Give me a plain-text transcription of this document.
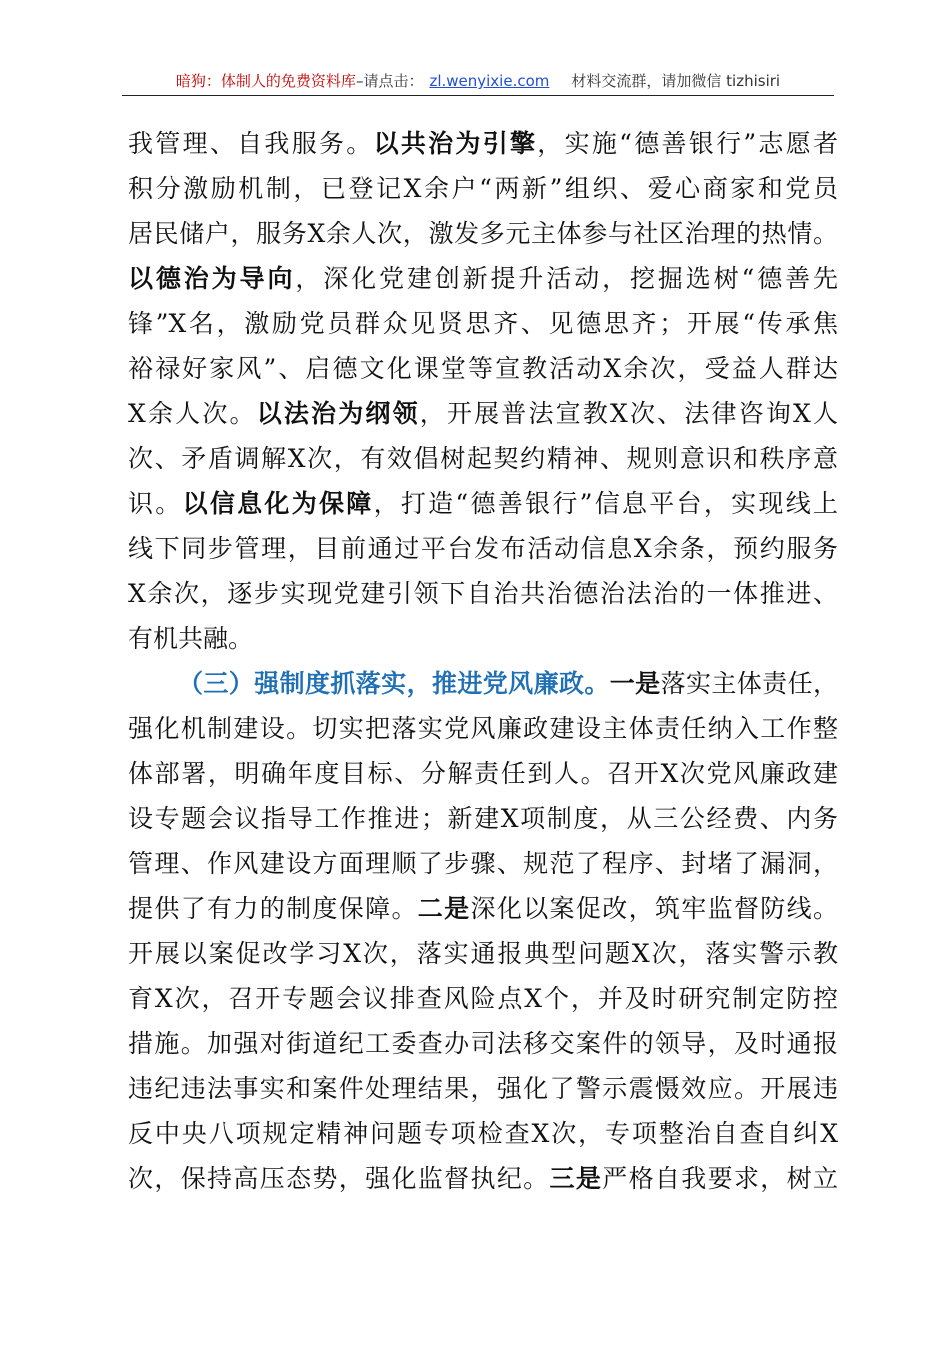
暗狗：体制人的免费资料库–请点击： zl.wenyixie.com 材料交流群，请加微信 tizhisiri
我管理、自我服务。以共治为引擎，实施“德善银行”志愿者
积分激励机制，已登记X余户“两新”组织、爱心商家和党员
居民储户，服务X余人次，激发多元主体参与社区治理的热情。
以德治为导向，深化党建创新提升活动，挖掘选树“德善先
锋”X名，激励党员群众见贤思齐、见德思齐；开展“传承焦
裕禄好家风”、启德文化课堂等宣教活动X余次，受益人群达
X余人次。以法治为纲领，开展普法宣教X次、法律咨询X人
次、矛盾调解X次，有效倡树起契约精神、规则意识和秩序意
识。以信息化为保障，打造“德善银行”信息平台，实现线上
线下同步管理，目前通过平台发布活动信息X余条，预约服务
X余次，逐步实现党建引领下自治共治德治法治的一体推进、
有机共融。
（三）强制度抓落实，推进党风廉政。一是落实主体责任，
强化机制建设。切实把落实党风廉政建设主体责任纳入工作整
体部署，明确年度目标、分解责任到人。召开X次党风廉政建
设专题会议指导工作推进；新建X项制度，从三公经费、内务
管理、作风建设方面理顺了步骤、规范了程序、封堵了漏洞，
提供了有力的制度保障。二是深化以案促改，筑牢监督防线。
开展以案促改学习X次，落实通报典型问题X次，落实警示教
育X次，召开专题会议排查风险点X个，并及时研究制定防控
措施。加强对街道纪工委查办司法移交案件的领导，及时通报
违纪违法事实和案件处理结果，强化了警示震慑效应。开展违
反中央八项规定精神问题专项检查X次，专项整治自查自纠X
次，保持高压态势，强化监督执纪。三是严格自我要求，树立
